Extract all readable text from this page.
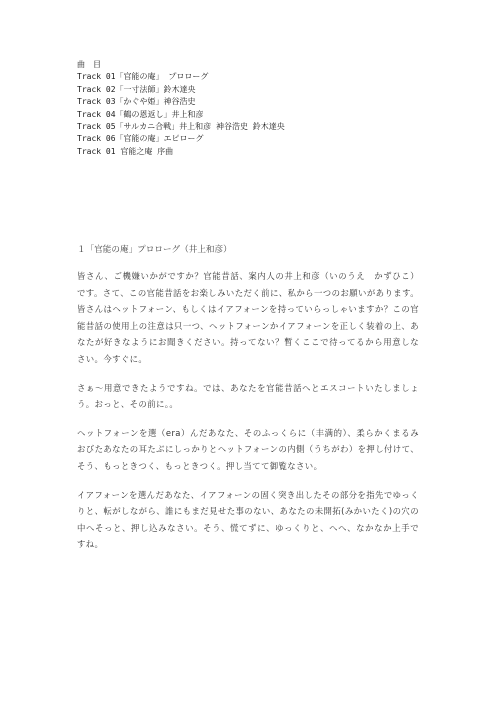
曲　目
Track 01「官能の庵」 プロローグ
Track 02「一寸法師」鈴木達央
Track 03「かぐや姫」神谷浩史
Track 04「鶴の恩返し」井上和彦
Track 05「サルカニ合戦」井上和彦 神谷浩史 鈴木達央
Track 06「官能の庵」エピローグ
Track 01 官能之庵 序曲
１「官能の庵」プロローグ（井上和彦）

皆さん、ご機嫌いかがですか？官能昔話、案内人の井上和彦（いのうえ　かずひこ）です。さて、この官能昔話をお楽しみいただく前に、私から一つのお願いがあります。皆さんはヘットフォーン、もしくはイアフォーンを持っていらっしゃいますか？この官能昔話の使用上の注意は只一つ、ヘットフォーンかイアフォーンを正しく装着の上、あなたが好きなようにお聞きください。持ってない？暫くここで待ってるから用意しなさい。今すぐに。

さぁ～用意できたようですね。では、あなたを官能昔話へとエスコートいたしましょう。おっと、その前に。。

ヘットフォーンを選（era）んだあなた、そのふっくらに（丰满的）、柔らかくまるみおびたあなたの耳たぶにしっかりとヘットフォーンの内側（うちがわ）を押し付けて、そう、もっときつく、もっときつく。押し当てて御覧なさい。

イアフォーンを選んだあなた、イアフォーンの固く突き出したその部分を指先でゆっくりと、転がしながら、誰にもまだ見せた事のない、あなたの未開拓(みかいたく)の穴の中へそっと、押し込みなさい。そう、慌てずに、ゆっくりと、へへ、なかなか上手ですね。
